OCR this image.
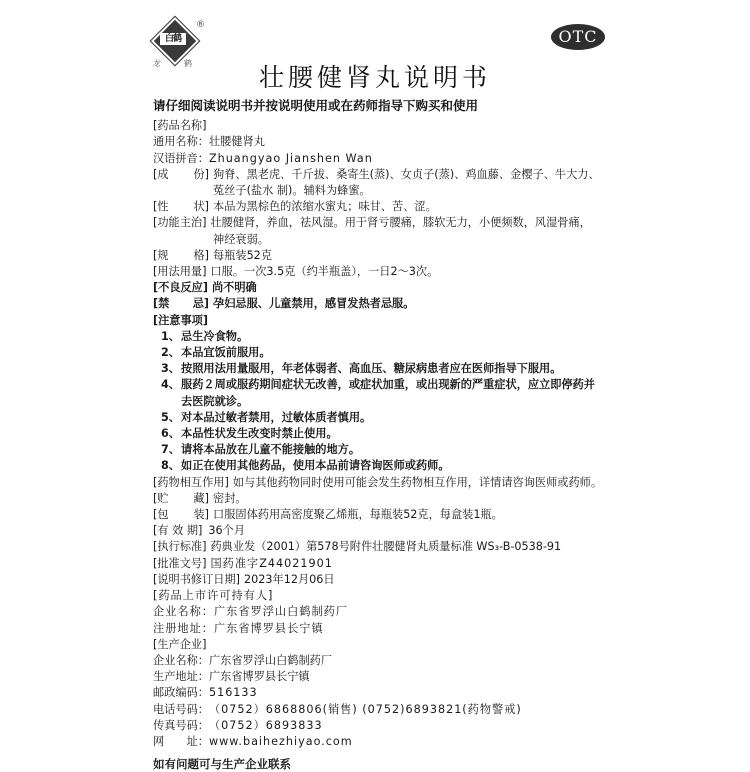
白鹤
®
龙	鹤
OTC
壮腰健肾丸说明书
请仔细阅读说明书并按说明使用或在药师指导下购买和使用
[药品名称]
通用名称： 壮腰健肾丸
汉语拼音： Zhuangyao Jianshen Wan
[成 份] 狗脊、黑老虎、千斤拔、桑寄生(蒸)、女贞子(蒸)、鸡血藤、金樱子、牛大力、
菟丝子(盐水 制)。辅料为蜂蜜。
[性 状] 本品为黑棕色的浓缩水蜜丸；味甘、苦、涩。
[功能主治] 壮腰健肾，养血，祛风湿。用于肾亏腰痛，膝软无力，小便频数，风湿骨痛，
神经衰弱。
[规 格] 每瓶装52克
[用法用量] 口服。一次3.5克（约半瓶盖），一日2～3次。
[不良反应] 尚不明确
[禁 忌] 孕妇忌服、儿童禁用，感冒发热者忌服。
[注意事项]
1、忌生冷食物。
2、本品宜饭前服用。
3、按照用法用量服用，年老体弱者、高血压、糖尿病患者应在医师指导下服用。
4、服药２周或服药期间症状无改善，或症状加重，或出现新的严重症状，应立即停药并
去医院就诊。
5、对本品过敏者禁用，过敏体质者慎用。
6、本品性状发生改变时禁止使用。
7、请将本品放在儿童不能接触的地方。
8、如正在使用其他药品，使用本品前请咨询医师或药师。
[药物相互作用] 如与其他药物同时使用可能会发生药物相互作用，详情请咨询医师或药师。
[贮 藏] 密封。
[包 装] 口服固体药用高密度聚乙烯瓶，每瓶装52克，每盒装1瓶。
[有 效 期] 36个月
[执行标准] 药典业发（2001）第578号附件壮腰健肾丸质量标准 WS₃-B-0538-91
[批准文号] 国药准字Z44021901
[说明书修订日期] 2023年12月06日
[药品上市许可持有人]
企业名称： 广东省罗浮山白鹤制药厂
注册地址： 广东省博罗县长宁镇
[生产企业]
企业名称： 广东省罗浮山白鹤制药厂
生产地址： 广东省博罗县长宁镇
邮政编码： 516133
电话号码： （0752）6868806(销售) (0752)6893821(药物警戒)
传真号码： （0752）6893833
网 址： www.baihezhiyao.com
如有问题可与生产企业联系
